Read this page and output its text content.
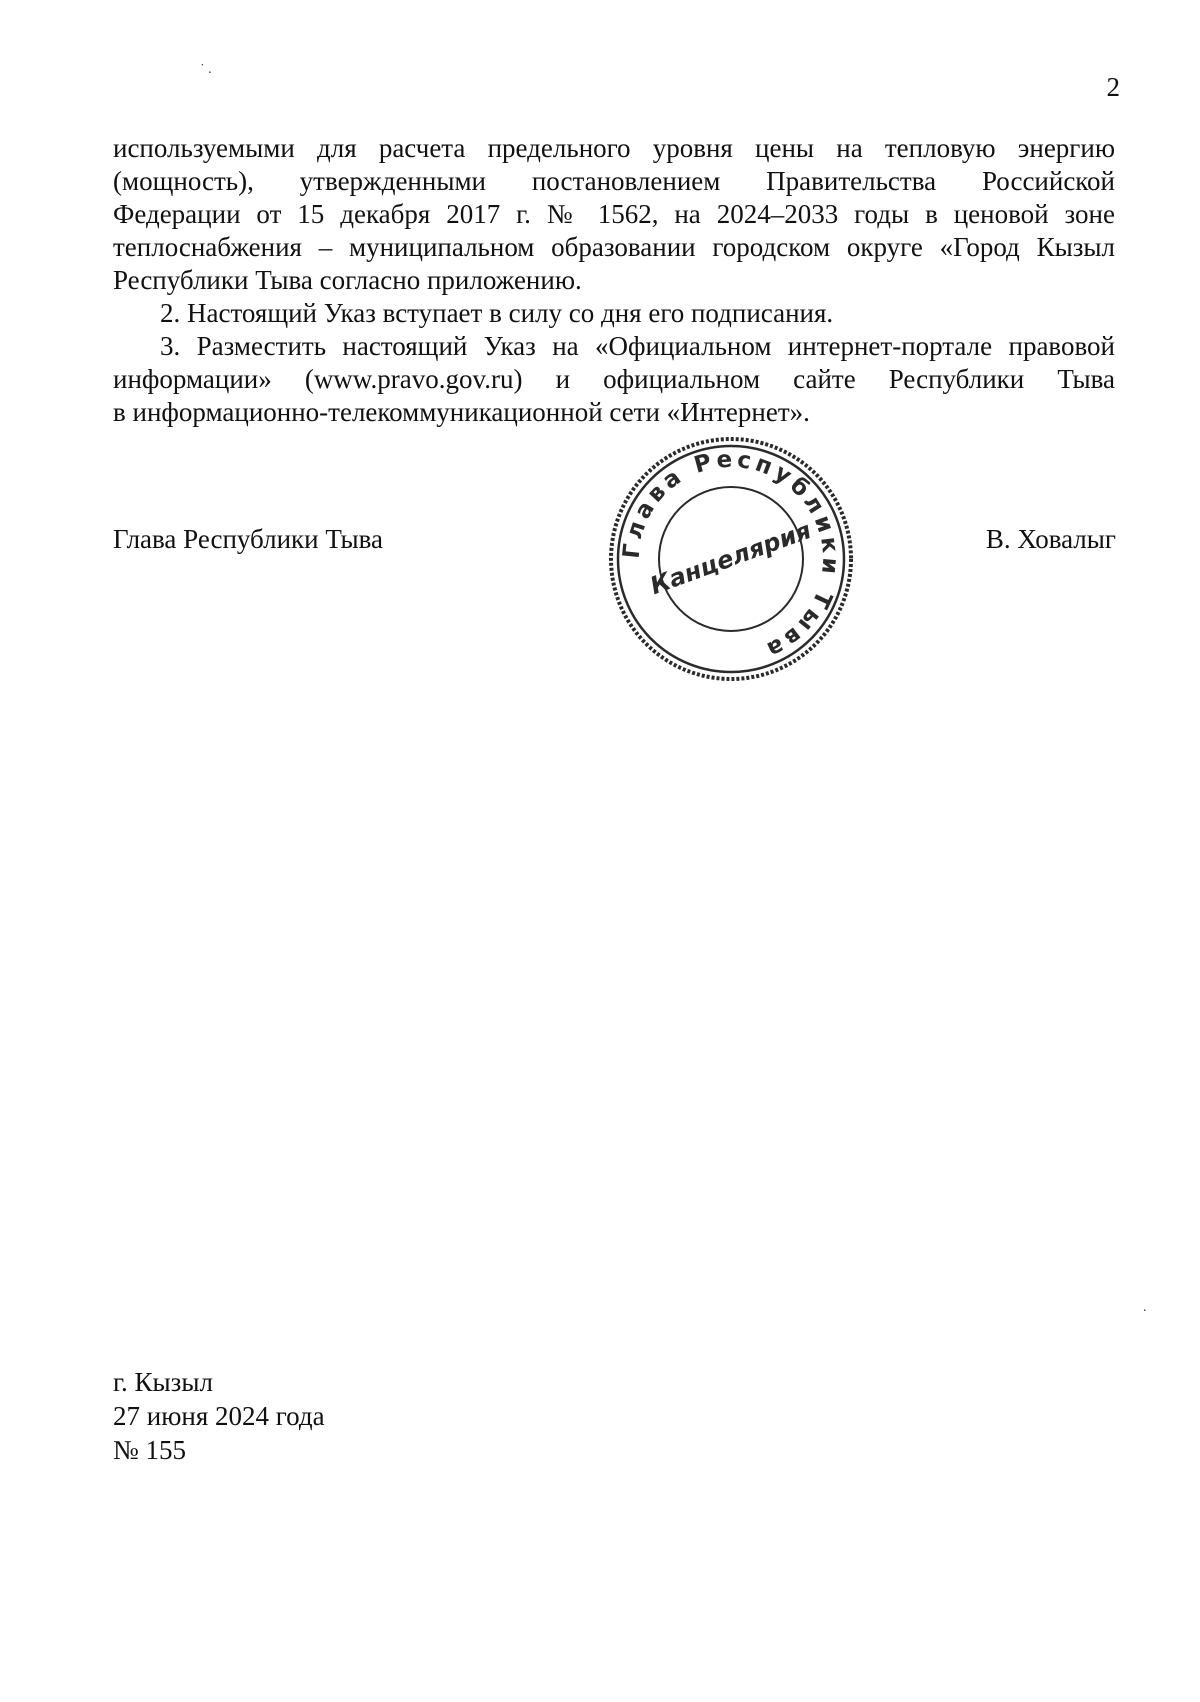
˙ .
.
2

используемыми для расчета предельного уровня цены на тепловую энергию

(мощность), утвержденными постановлением Правительства Российской

Федерации от 15 декабря 2017 г. № 1562, на 2024–2033 годы в ценовой зоне

теплоснабжения – муниципальном образовании городском округе «Город Кызыл

Республики Тыва согласно приложению.

2. Настоящий Указ вступает в силу со дня его подписания.

3. Разместить настоящий Указ на «Официальном интернет-портале правовой

информации» (www.pravo.gov.ru) и официальном сайте Республики Тыва

в информационно-телекоммуникационной сети «Интернет».

Глава Республики Тыва	Глава Республики Тыва
Канцелярия	В. Ховалыг
г. Кызыл
27 июня 2024 года
№ 155
